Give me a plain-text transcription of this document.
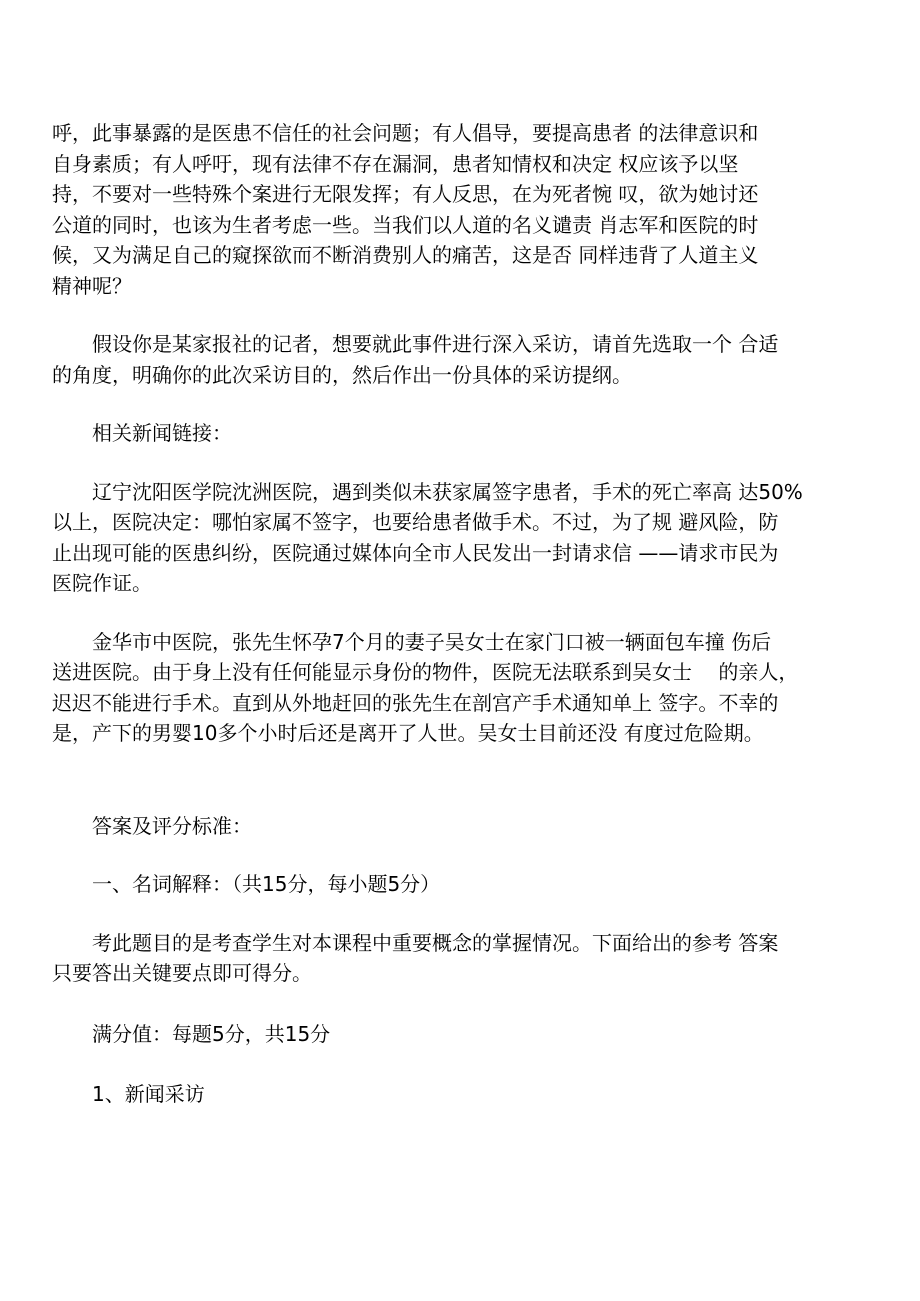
呼，此事暴露的是医患不信任的社会问题；有人倡导，要提高患者 的法律意识和
自身素质；有人呼吁，现有法律不存在漏洞，患者知情权和决定 权应该予以坚
持，不要对一些特殊个案进行无限发挥；有人反思，在为死者惋 叹，欲为她讨还
公道的同时，也该为生者考虑一些。当我们以人道的名义谴责 肖志军和医院的时
候，又为满足自己的窥探欲而不断消费别人的痛苦，这是否 同样违背了人道主义
精神呢？

假设你是某家报社的记者，想要就此事件进行深入采访，请首先选取一个 合适
的角度，明确你的此次采访目的，然后作出一份具体的采访提纲。

相关新闻链接：

辽宁沈阳医学院沈洲医院，遇到类似未获家属签字患者，手术的死亡率高 达50%
以上，医院决定：哪怕家属不签字，也要给患者做手术。不过，为了规 避风险，防
止出现可能的医患纠纷，医院通过媒体向全市人民发出一封请求信 ——请求市民为
医院作证。

金华市中医院，张先生怀孕7个月的妻子吴女士在家门口被一辆面包车撞 伤后
送进医院。由于身上没有任何能显示身份的物件，医院无法联系到吴女士　 的亲人，
迟迟不能进行手术。直到从外地赶回的张先生在剖宫产手术通知单上 签字。不幸的
是，产下的男婴10多个小时后还是离开了人世。吴女士目前还没 有度过危险期。

答案及评分标准：

一、名词解释：（共15分，每小题5分）

考此题目的是考查学生对本课程中重要概念的掌握情况。下面给出的参考 答案
只要答出关键要点即可得分。

满分值：每题5分，共15分

1、新闻采访
